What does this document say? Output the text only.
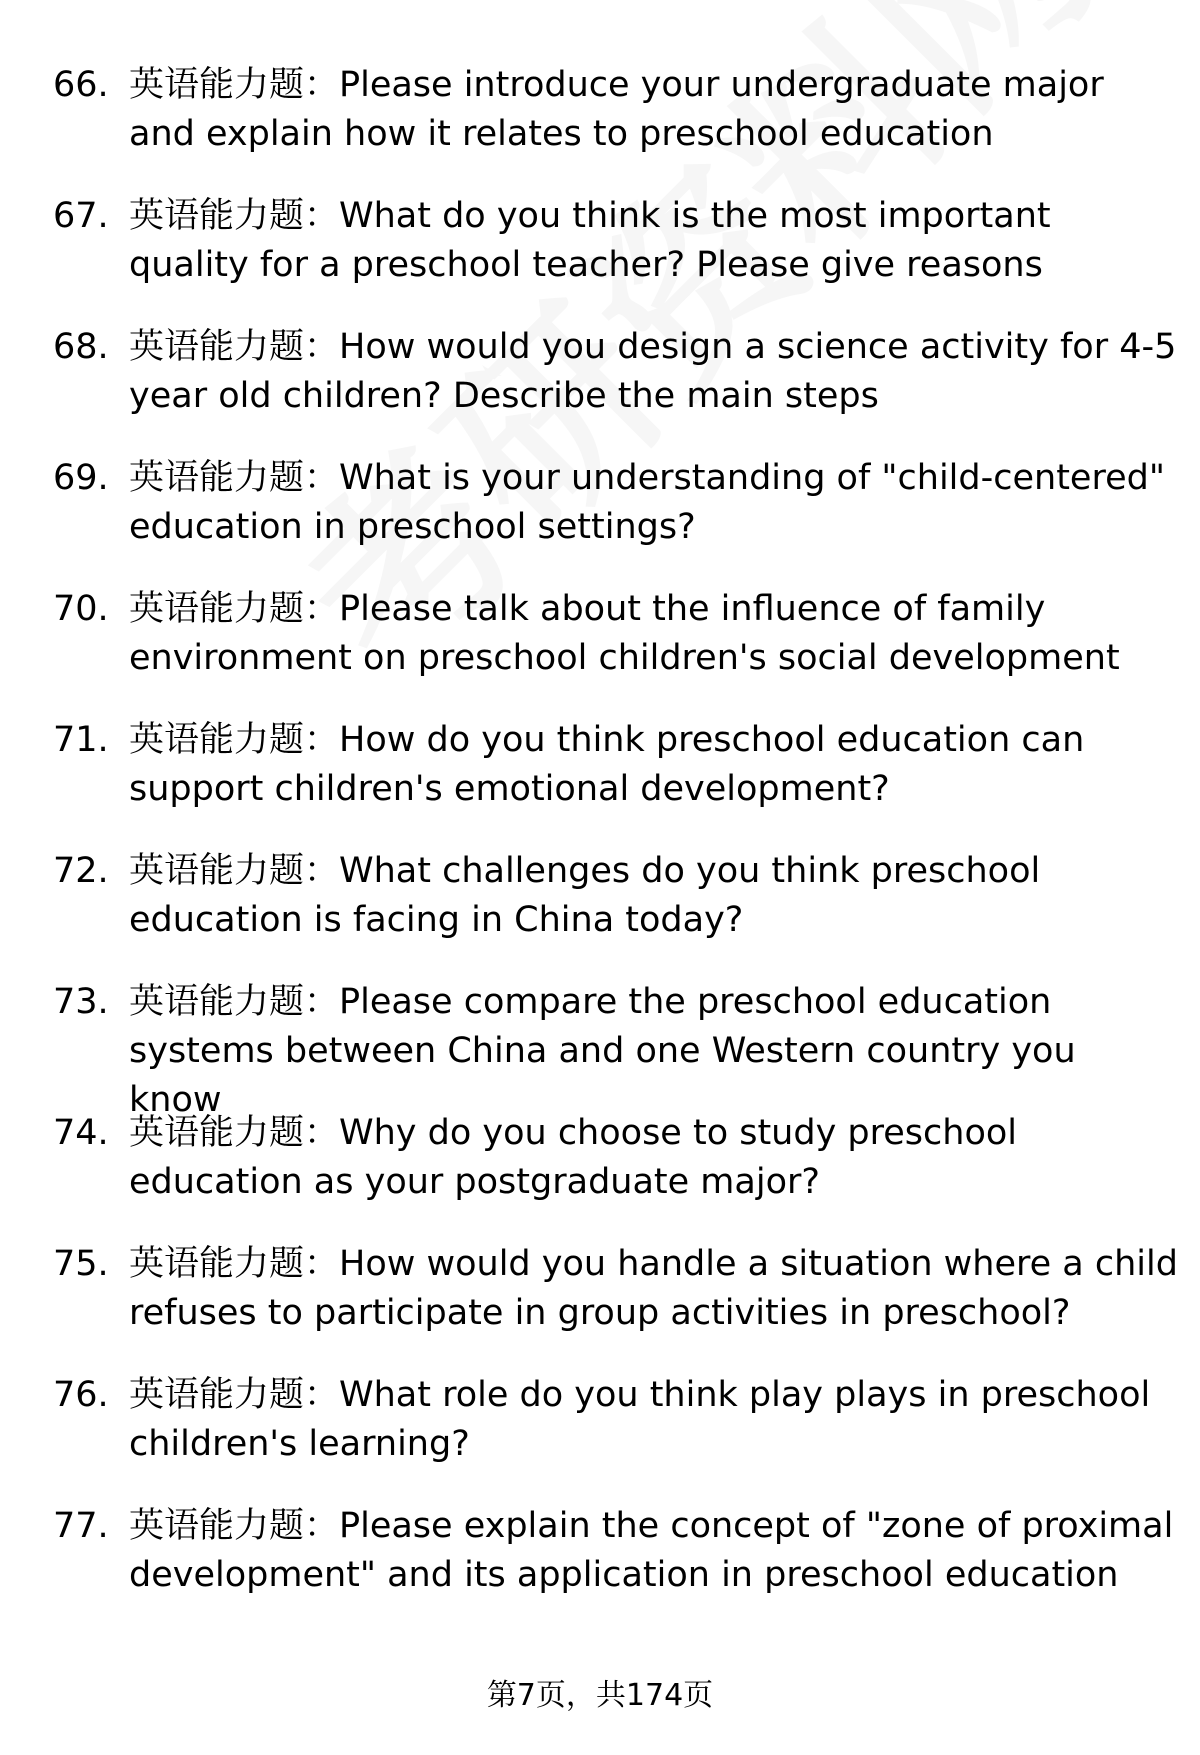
66. 英语能力题：Please introduce your undergraduate major and explain how it relates to preschool education
67. 英语能力题：What do you think is the most important quality for a preschool teacher? Please give reasons
68. 英语能力题：How would you design a science activity for 4-5 year old children? Describe the main steps
69. 英语能力题：What is your understanding of "child-centered" education in preschool settings?
70. 英语能力题：Please talk about the influence of family environment on preschool children's social development
71. 英语能力题：How do you think preschool education can support children's emotional development?
72. 英语能力题：What challenges do you think preschool education is facing in China today?
73. 英语能力题：Please compare the preschool education systems between China and one Western country you know
74. 英语能力题：Why do you choose to study preschool education as your postgraduate major?
75. 英语能力题：How would you handle a situation where a child refuses to participate in group activities in preschool?
76. 英语能力题：What role do you think play plays in preschool children's learning?
77. 英语能力题：Please explain the concept of "zone of proximal development" and its application in preschool education
第7页，共174页
